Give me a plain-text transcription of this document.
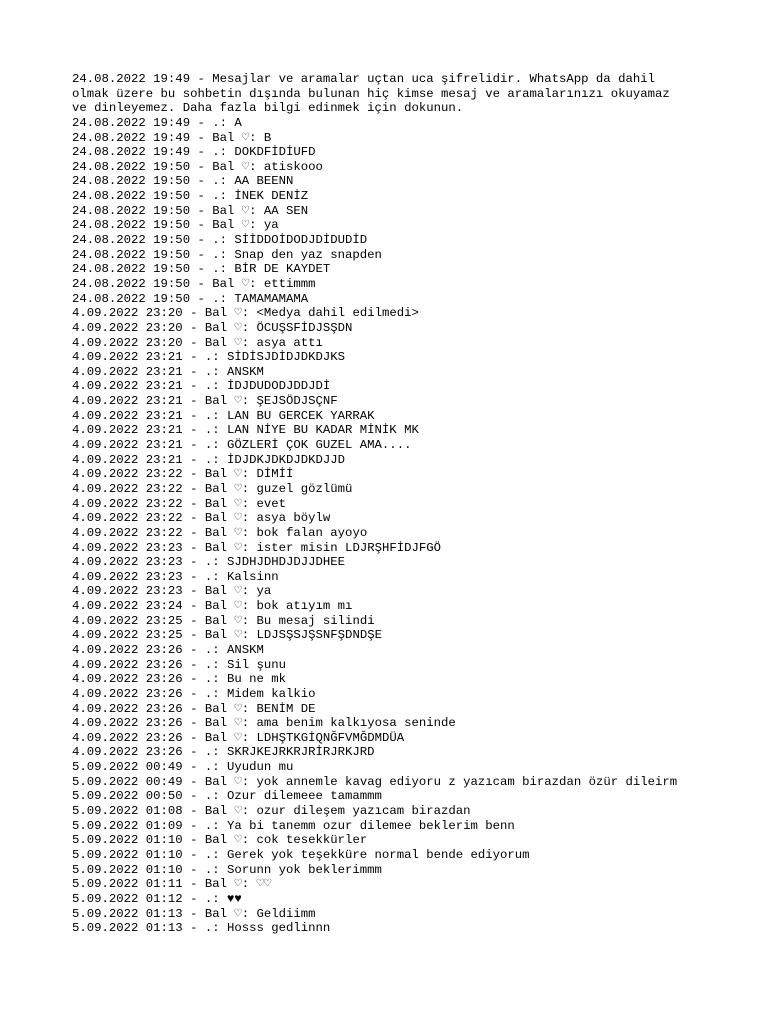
24.08.2022 19:49 - Mesajlar ve aramalar uçtan uca şifrelidir. WhatsApp da dahil
olmak üzere bu sohbetin dışında bulunan hiç kimse mesaj ve aramalarınızı okuyamaz
ve dinleyemez. Daha fazla bilgi edinmek için dokunun.
24.08.2022 19:49 - .: A
24.08.2022 19:49 - Bal ♡: B
24.08.2022 19:49 - .: DOKDFİDİUFD
24.08.2022 19:50 - Bal ♡: atiskooo
24.08.2022 19:50 - .: AA BEENN
24.08.2022 19:50 - .: İNEK DENİZ
24.08.2022 19:50 - Bal ♡: AA SEN
24.08.2022 19:50 - Bal ♡: ya
24.08.2022 19:50 - .: SİİDDOİDODJDİDUDİD
24.08.2022 19:50 - .: Snap den yaz snapden
24.08.2022 19:50 - .: BİR DE KAYDET
24.08.2022 19:50 - Bal ♡: ettimmm
24.08.2022 19:50 - .: TAMAMAMAMA
4.09.2022 23:20 - Bal ♡: <Medya dahil edilmedi>
4.09.2022 23:20 - Bal ♡: ÖCUŞSFİDJSŞDN
4.09.2022 23:20 - Bal ♡: asya attı
4.09.2022 23:21 - .: SİDİSJDİDJDKDJKS
4.09.2022 23:21 - .: ANSKM
4.09.2022 23:21 - .: İDJDUDODJDDJDİ
4.09.2022 23:21 - Bal ♡: ŞEJSÖDJSÇNF
4.09.2022 23:21 - .: LAN BU GERCEK YARRAK
4.09.2022 23:21 - .: LAN NİYE BU KADAR MİNİK MK
4.09.2022 23:21 - .: GÖZLERİ ÇOK GUZEL AMA....
4.09.2022 23:21 - .: İDJDKJDKDJDKDJJD
4.09.2022 23:22 - Bal ♡: DİMİİ
4.09.2022 23:22 - Bal ♡: guzel gözlümü
4.09.2022 23:22 - Bal ♡: evet
4.09.2022 23:22 - Bal ♡: asya böylw
4.09.2022 23:22 - Bal ♡: bok falan ayoyo
4.09.2022 23:23 - Bal ♡: ister misin LDJRŞHFİDJFGÖ
4.09.2022 23:23 - .: SJDHJDHDJDJJDHEE
4.09.2022 23:23 - .: Kalsinn
4.09.2022 23:23 - Bal ♡: ya
4.09.2022 23:24 - Bal ♡: bok atıyım mı
4.09.2022 23:25 - Bal ♡: Bu mesaj silindi
4.09.2022 23:25 - Bal ♡: LDJSŞSJŞSNFŞDNDŞE
4.09.2022 23:26 - .: ANSKM
4.09.2022 23:26 - .: Sil şunu
4.09.2022 23:26 - .: Bu ne mk
4.09.2022 23:26 - .: Midem kalkio
4.09.2022 23:26 - Bal ♡: BENİM DE
4.09.2022 23:26 - Bal ♡: ama benim kalkıyosa seninde
4.09.2022 23:26 - Bal ♡: LDHŞTKGİQNĞFVMĞDMDÜA
4.09.2022 23:26 - .: SKRJKEJRKRJRİRJRKJRD
5.09.2022 00:49 - .: Uyudun mu
5.09.2022 00:49 - Bal ♡: yok annemle kavag ediyoru z yazıcam birazdan özür dileirm
5.09.2022 00:50 - .: Ozur dilemeee tamammm
5.09.2022 01:08 - Bal ♡: ozur dileşem yazıcam birazdan
5.09.2022 01:09 - .: Ya bi tanemm ozur dilemee beklerim benn
5.09.2022 01:10 - Bal ♡: cok tesekkürler
5.09.2022 01:10 - .: Gerek yok teşekküre normal bende ediyorum
5.09.2022 01:10 - .: Sorunn yok beklerimmm
5.09.2022 01:11 - Bal ♡: ♡♡
5.09.2022 01:12 - .: ♥♥
5.09.2022 01:13 - Bal ♡: Geldiimm
5.09.2022 01:13 - .: Hosss gedlinnn
